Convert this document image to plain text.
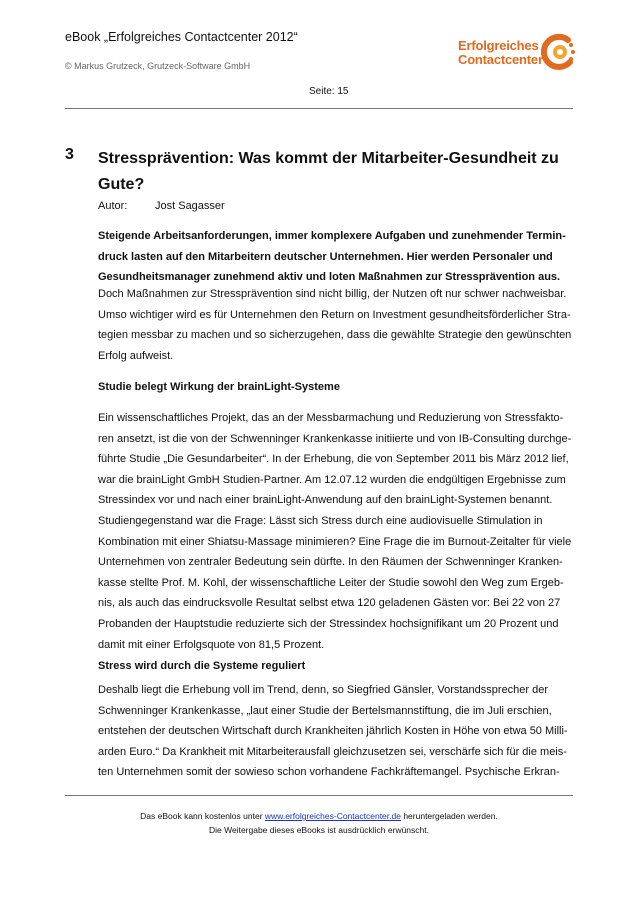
eBook „Erfolgreiches Contactcenter 2012“
© Markus Grutzeck, Grutzeck-Software GmbH
Seite: 15
Erfolgreiches
Contactcenter
3 Stressprävention: Was kommt der Mitarbeiter-Gesundheit zu
Gute?
Autor:	Jost Sagasser
Steigende Arbeitsanforderungen, immer komplexere Aufgaben und zunehmender Termin-
druck lasten auf den Mitarbeitern deutscher Unternehmen. Hier werden Personaler und
Gesundheitsmanager zunehmend aktiv und loten Maßnahmen zur Stressprävention aus.
Doch Maßnahmen zur Stressprävention sind nicht billig, der Nutzen oft nur schwer nachweisbar.
Umso wichtiger wird es für Unternehmen den Return on Investment gesundheitsförderlicher Stra-
tegien messbar zu machen und so sicherzugehen, dass die gewählte Strategie den gewünschten
Erfolg aufweist.
Studie belegt Wirkung der brainLight-Systeme
Ein wissenschaftliches Projekt, das an der Messbarmachung und Reduzierung von Stressfakto-
ren ansetzt, ist die von der Schwenninger Krankenkasse initiierte und von IB-Consulting durchge-
führte Studie „Die Gesundarbeiter“. In der Erhebung, die von September 2011 bis März 2012 lief,
war die brainLight GmbH Studien-Partner. Am 12.07.12 wurden die endgültigen Ergebnisse zum
Stressindex vor und nach einer brainLight-Anwendung auf den brainLight-Systemen benannt.
Studiengegenstand war die Frage: Lässt sich Stress durch eine audiovisuelle Stimulation in
Kombination mit einer Shiatsu-Massage minimieren? Eine Frage die im Burnout-Zeitalter für viele
Unternehmen von zentraler Bedeutung sein dürfte. In den Räumen der Schwenninger Kranken-
kasse stellte Prof. M. Kohl, der wissenschaftliche Leiter der Studie sowohl den Weg zum Ergeb-
nis, als auch das eindrucksvolle Resultat selbst etwa 120 geladenen Gästen vor: Bei 22 von 27
Probanden der Hauptstudie reduzierte sich der Stressindex hochsignifikant um 20 Prozent und
damit mit einer Erfolgsquote von 81,5 Prozent.
Stress wird durch die Systeme reguliert
Deshalb liegt die Erhebung voll im Trend, denn, so Siegfried Gänsler, Vorstandssprecher der
Schwenninger Krankenkasse, „laut einer Studie der Bertelsmannstiftung, die im Juli erschien,
entstehen der deutschen Wirtschaft durch Krankheiten jährlich Kosten in Höhe von etwa 50 Milli-
arden Euro.“ Da Krankheit mit Mitarbeiterausfall gleichzusetzen sei, verschärfe sich für die meis-
ten Unternehmen somit der sowieso schon vorhandene Fachkräftemangel. Psychische Erkran-
Das eBook kann kostenlos unter www.erfolgreiches-Contactcenter.de heruntergeladen werden.
Die Weitergabe dieses eBooks ist ausdrücklich erwünscht.
